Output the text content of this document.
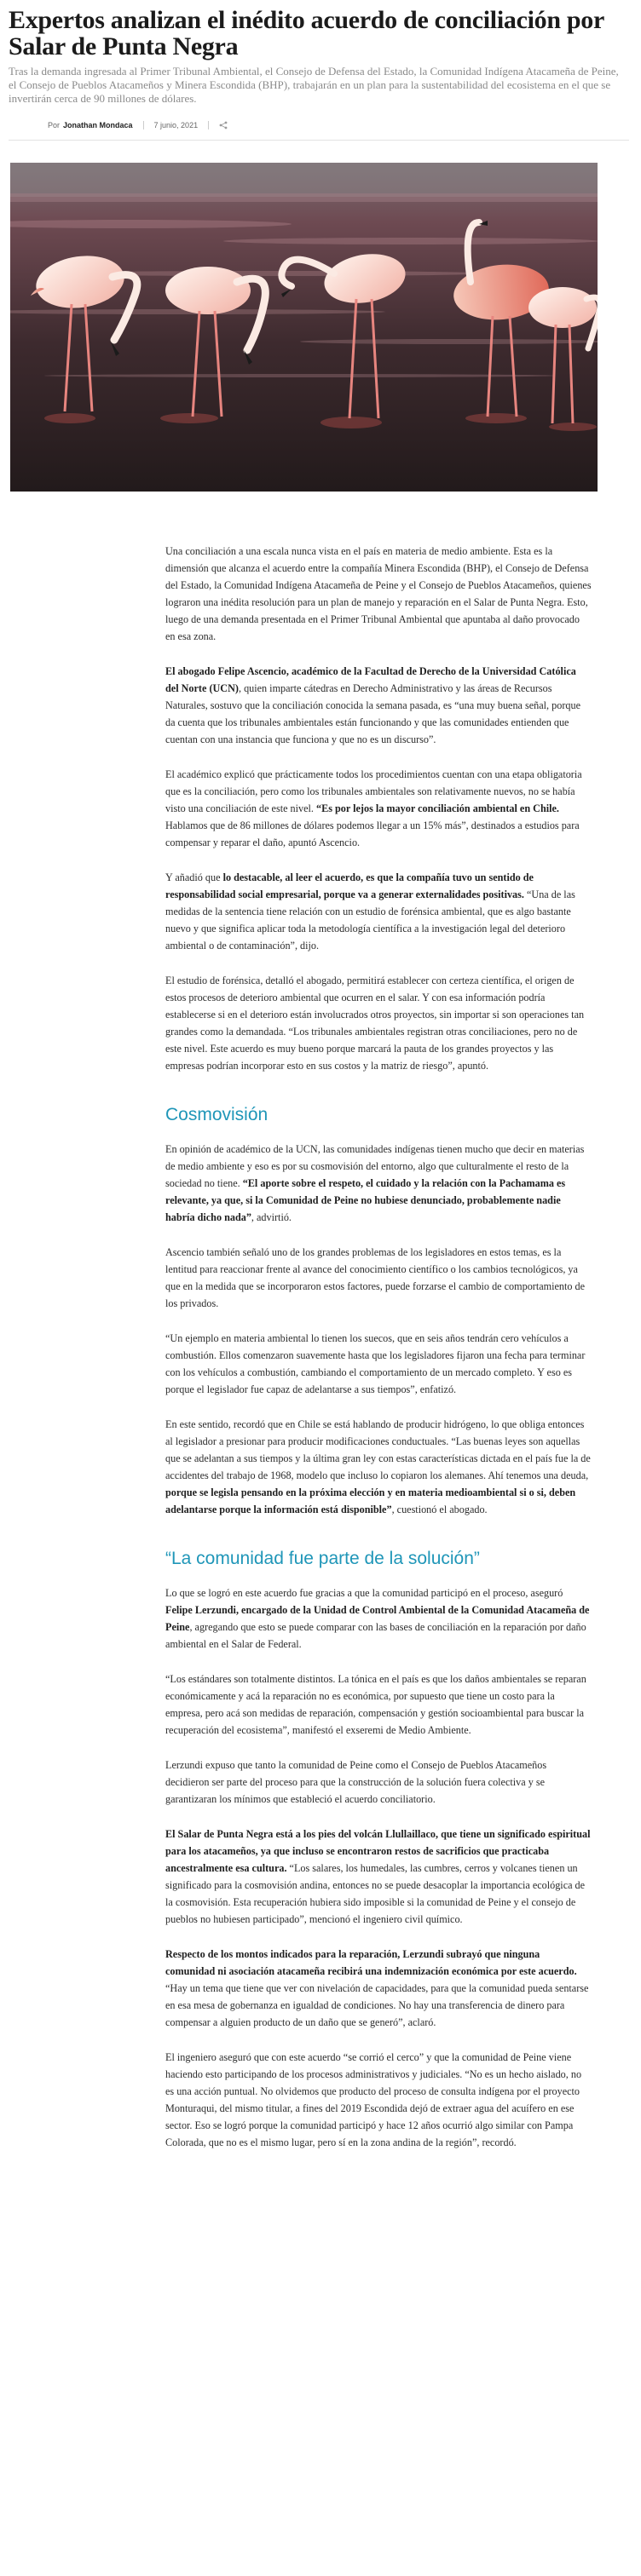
Expertos analizan el inédito acuerdo de conciliación por Salar de Punta Negra

Tras la demanda ingresada al Primer Tribunal Ambiental, el Consejo de Defensa del Estado, la Comunidad Indígena Atacameña de Peine, el Consejo de Pueblos Atacameños y Minera Escondida (BHP), trabajarán en un plan para la sustentabilidad del ecosistema en el que se invertirán cerca de 90 millones de dólares.

Por Jonathan Mondaca	7 junio, 2021

Una conciliación a una escala nunca vista en el país en materia de medio ambiente. Esta es la dimensión que alcanza el acuerdo entre la compañía Minera Escondida (BHP), el Consejo de Defensa del Estado, la Comunidad Indígena Atacameña de Peine y el Consejo de Pueblos Atacameños, quienes lograron una inédita resolución para un plan de manejo y reparación en el Salar de Punta Negra. Esto, luego de una demanda presentada en el Primer Tribunal Ambiental que apuntaba al daño provocado en esa zona.

El abogado Felipe Ascencio, académico de la Facultad de Derecho de la Universidad Católica del Norte (UCN), quien imparte cátedras en Derecho Administrativo y las áreas de Recursos Naturales, sostuvo que la conciliación conocida la semana pasada, es “una muy buena señal, porque da cuenta que los tribunales ambientales están funcionando y que las comunidades entienden que cuentan con una instancia que funciona y que no es un discurso”.

El académico explicó que prácticamente todos los procedimientos cuentan con una etapa obligatoria que es la conciliación, pero como los tribunales ambientales son relativamente nuevos, no se había visto una conciliación de este nivel. “Es por lejos la mayor conciliación ambiental en Chile. Hablamos que de 86 millones de dólares podemos llegar a un 15% más”, destinados a estudios para compensar y reparar el daño, apuntó Ascencio.

Y añadió que lo destacable, al leer el acuerdo, es que la compañía tuvo un sentido de responsabilidad social empresarial, porque va a generar externalidades positivas. “Una de las medidas de la sentencia tiene relación con un estudio de forénsica ambiental, que es algo bastante nuevo y que significa aplicar toda la metodología científica a la investigación legal del deterioro ambiental o de contaminación”, dijo.

El estudio de forénsica, detalló el abogado, permitirá establecer con certeza científica, el origen de estos procesos de deterioro ambiental que ocurren en el salar. Y con esa información podría establecerse si en el deterioro están involucrados otros proyectos, sin importar si son operaciones tan grandes como la demandada. “Los tribunales ambientales registran otras conciliaciones, pero no de este nivel. Este acuerdo es muy bueno porque marcará la pauta de los grandes proyectos y las empresas podrían incorporar esto en sus costos y la matriz de riesgo”, apuntó.

Cosmovisión

En opinión de académico de la UCN, las comunidades indígenas tienen mucho que decir en materias de medio ambiente y eso es por su cosmovisión del entorno, algo que culturalmente el resto de la sociedad no tiene. “El aporte sobre el respeto, el cuidado y la relación con la Pachamama es relevante, ya que, si la Comunidad de Peine no hubiese denunciado, probablemente nadie habría dicho nada”, advirtió.

Ascencio también señaló uno de los grandes problemas de los legisladores en estos temas, es la lentitud para reaccionar frente al avance del conocimiento científico o los cambios tecnológicos, ya que en la medida que se incorporaron estos factores, puede forzarse el cambio de comportamiento de los privados.

“Un ejemplo en materia ambiental lo tienen los suecos, que en seis años tendrán cero vehículos a combustión. Ellos comenzaron suavemente hasta que los legisladores fijaron una fecha para terminar con los vehículos a combustión, cambiando el comportamiento de un mercado completo. Y eso es porque el legislador fue capaz de adelantarse a sus tiempos”, enfatizó.

En este sentido, recordó que en Chile se está hablando de producir hidrógeno, lo que obliga entonces al legislador a presionar para producir modificaciones conductuales. “Las buenas leyes son aquellas que se adelantan a sus tiempos y la última gran ley con estas características dictada en el país fue la de accidentes del trabajo de 1968, modelo que incluso lo copiaron los alemanes. Ahí tenemos una deuda, porque se legisla pensando en la próxima elección y en materia medioambiental si o si, deben adelantarse porque la información está disponible”, cuestionó el abogado.

“La comunidad fue parte de la solución”

Lo que se logró en este acuerdo fue gracias a que la comunidad participó en el proceso, aseguró Felipe Lerzundi, encargado de la Unidad de Control Ambiental de la Comunidad Atacameña de Peine, agregando que esto se puede comparar con las bases de conciliación en la reparación por daño ambiental en el Salar de Federal.

“Los estándares son totalmente distintos. La tónica en el país es que los daños ambientales se reparan económicamente y acá la reparación no es económica, por supuesto que tiene un costo para la empresa, pero acá son medidas de reparación, compensación y gestión socioambiental para buscar la recuperación del ecosistema”, manifestó el exseremi de Medio Ambiente.

Lerzundi expuso que tanto la comunidad de Peine como el Consejo de Pueblos Atacameños decidieron ser parte del proceso para que la construcción de la solución fuera colectiva y se garantizaran los mínimos que estableció el acuerdo conciliatorio.

El Salar de Punta Negra está a los pies del volcán Llullaillaco, que tiene un significado espiritual para los atacameños, ya que incluso se encontraron restos de sacrificios que practicaba ancestralmente esa cultura. “Los salares, los humedales, las cumbres, cerros y volcanes tienen un significado para la cosmovisión andina, entonces no se puede desacoplar la importancia ecológica de la cosmovisión. Esta recuperación hubiera sido imposible si la comunidad de Peine y el consejo de pueblos no hubiesen participado”, mencionó el ingeniero civil químico.

Respecto de los montos indicados para la reparación, Lerzundi subrayó que ninguna comunidad ni asociación atacameña recibirá una indemnización económica por este acuerdo. “Hay un tema que tiene que ver con nivelación de capacidades, para que la comunidad pueda sentarse en esa mesa de gobernanza en igualdad de condiciones. No hay una transferencia de dinero para compensar a alguien producto de un daño que se generó”, aclaró.

El ingeniero aseguró que con este acuerdo “se corrió el cerco” y que la comunidad de Peine viene haciendo esto participando de los procesos administrativos y judiciales. “No es un hecho aislado, no es una acción puntual. No olvidemos que producto del proceso de consulta indígena por el proyecto Monturaqui, del mismo titular, a fines del 2019 Escondida dejó de extraer agua del acuífero en ese sector. Eso se logró porque la comunidad participó y hace 12 años ocurrió algo similar con Pampa Colorada, que no es el mismo lugar, pero sí en la zona andina de la región”, recordó.
